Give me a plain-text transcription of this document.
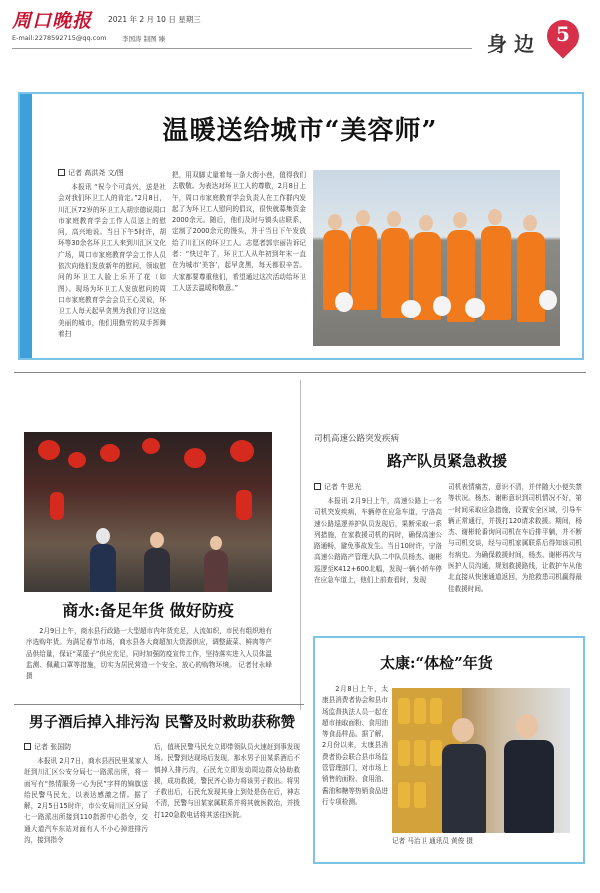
周口晚报 2021 年 2 月 10 日 星期三
E-mail:2278592715@qq.com 李国涛 制图 臻	身 边	5
温暖送给城市“美容师”
记者 高洪尧 文/图
本报讯 “祝今个可高兴，送是社会对我们环卫工人的肯定。”2月8日，川汇区72岁的环卫工人胡宗德说周口市家庭教育学会工作人员送上的慰问，高兴地说。当日下午5时许，胡环等30余名环卫工人来到川汇区文化广场，周口市家庭教育学会工作人员依次向他们发放新年的慰问，领取慰问的环卫工人脸上乐开了花（如图）。现场为环卫工人发放慰问的周口市家庭教育学会会员王心灵说，环卫工人每天起早贪黑为我们守卫这座美丽的城市，他们用勤劳的双手挥舞着扫
把，用双脚丈量着每一条大街小巷，值得我们去敬敬。为表达对环卫工人的尊敬，2月8日上午，周口市家庭教育学会负责人在工作群内发起了为环卫工人慰问的倡议，很快就募集资金2000余元。随后，他们及时与镇头店联系，定制了2000余元的馒头，并于当日下午发放给了川汇区的环卫工人。志愿者郭宗丽告诉记者：“快过年了，环卫工人从年初到年末一直在为城市‘美容’，起早贪黑，每天都很辛苦。大家都要尊重他们，希望通过这次活动给环卫工人送去温暖和敬意。”
商水:备足年货 做好防疫
2月9日上午，商水县行政路一大型超市内年货充足，人流如织，市民有组织地有序选购年货。为满足春节市场，商水县各大商超加大货源供应，调整蔬菜、鲜肉等产品供给量，保证“菜篮子”供应充足，同时加强防疫宣传工作，坚持落实进入人员体温监测、佩戴口罩等措施，切实为居民营造一个安全、放心的购物环境。 记者付永峰 摄
司机高速公路突发疾病
路产队员紧急救援
记者 牛思光
本报讯 2月9日上午，高速公路上一名司机突发疾病，车辆停在应急车道，宁洛高速公路巡逻养护队员发现后，果断采取一系列措施，在家救援司机的同时，确保高速公路通畅，避免事故发生。当日10时许，宁洛高速公路路产管理大队二中队员杨杰、谢彬巡逻至K412+600北幅，发现一辆小轿车停在应急车道上，他们上前查看时，发现
司机表情痛苦，意识不清，并伴随大小便失禁等状况。杨杰、谢彬意识到司机情况不好，第一时间采取应急措施，设置安全区域，引导车辆正常通行，并拨打120请求救援。期间，杨杰、谢彬轮番询问司机在车后排平躺，并不断与司机交谈，经与司机家属联系后得知该司机有病史。为确保救援时间，杨杰、谢彬再次与医护人员沟通，规划救援路线，让救护车从他北直接从快速通道返回，为抢救患司机赢得最佳救援时间。
太康:“体检”年货
2月8日上午，太康县消费者协会和县市场监督执法人员一起在超市抽取面粉、食用油等食品样品。据了解，2月份以来，太康县消费者协会联合县市场监管管理部门，对市场上销售的面粉、食用油、酱油和糖等热销食品进行专项检测。
记者 马治卫 通讯员 黄俊 摄
男子酒后掉入排污沟 民警及时救助获称赞
记者 张国防
本报讯 2月7日，商水县西民里某家人赶到川汇区公安分局七一路派出所，将一面写有“热情服务一心为民”字样的锦旗送给民警马民允，以表达感激之情。据了解，2月5日15时许，市公安局川汇区分局七一路派出所接到110指挥中心指令，交通大道汽车东站对面有人不小心掉进排污沟，接到指令
后，值班民警马民允立即带领队员火速赶到事发现场。民警到达现场后发现，那水男子田某系酒后不慎掉入排污沟，石民允立即发动周边群众协助救援，成功救援，警民齐心协力将该男子救出。将男子救出后，石民允发现其身上到处是伤在后，神志不清，民警与田某家属联系并将其就医救治，并拨打120急救电话将其送往医院。
